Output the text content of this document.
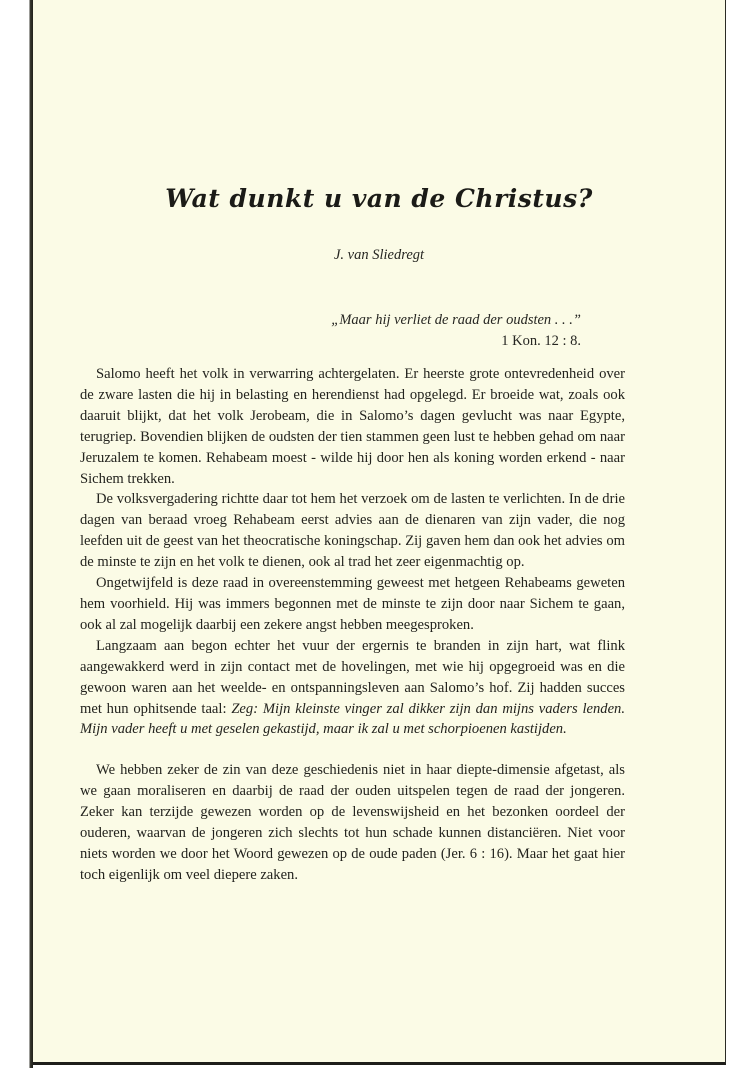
Wat dunkt u van de Christus?

J. van Sliedregt

„Maar hij verliet de raad der oudsten . . .”
1 Kon. 12 : 8.

Salomo heeft het volk in verwarring achtergelaten. Er heerste grote ontevredenheid over de zware lasten die hij in belasting en herendienst had opgelegd. Er broeide wat, zoals ook daaruit blijkt, dat het volk Jerobeam, die in Salomo’s dagen gevlucht was naar Egypte, terugriep. Bovendien blijken de oudsten der tien stammen geen lust te hebben gehad om naar Jeruzalem te komen. Rehabeam moest - wilde hij door hen als koning worden erkend - naar Sichem trekken.

De volksvergadering richtte daar tot hem het verzoek om de lasten te verlichten. In de drie dagen van beraad vroeg Rehabeam eerst advies aan de dienaren van zijn vader, die nog leefden uit de geest van het theocratische koningschap. Zij gaven hem dan ook het advies om de minste te zijn en het volk te dienen, ook al trad het zeer eigenmachtig op.

Ongetwijfeld is deze raad in overeenstemming geweest met hetgeen Rehabeams geweten hem voorhield. Hij was immers begonnen met de minste te zijn door naar Sichem te gaan, ook al zal mogelijk daarbij een zekere angst hebben meegesproken.

Langzaam aan begon echter het vuur der ergernis te branden in zijn hart, wat flink aangewakkerd werd in zijn contact met de hovelingen, met wie hij opgegroeid was en die gewoon waren aan het weelde- en ontspanningsleven aan Salomo’s hof. Zij hadden succes met hun ophitsende taal: Zeg: Mijn kleinste vinger zal dikker zijn dan mijns vaders lenden. Mijn vader heeft u met geselen gekastijd, maar ik zal u met schorpioenen kastijden.

We hebben zeker de zin van deze geschiedenis niet in haar diepte-dimensie afgetast, als we gaan moraliseren en daarbij de raad der ouden uitspelen tegen de raad der jongeren. Zeker kan terzijde gewezen worden op de levenswijsheid en het bezonken oordeel der ouderen, waarvan de jongeren zich slechts tot hun schade kunnen distanciëren. Niet voor niets worden we door het Woord gewezen op de oude paden (Jer. 6 : 16). Maar het gaat hier toch eigenlijk om veel diepere zaken.
